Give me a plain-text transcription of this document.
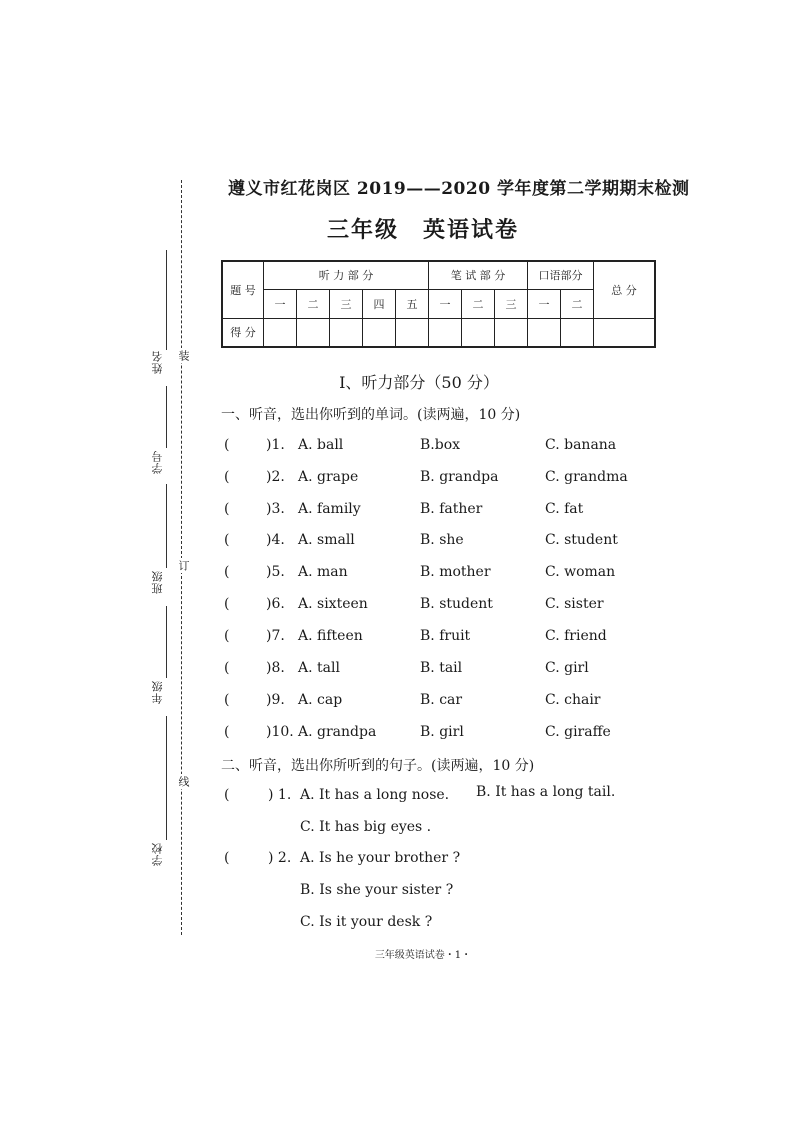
装
订
线
姓名
学号
班级
年级
学校
遵义市红花岗区 2019——2020 学年度第二学期期末检测
三年级　英语试卷
题 号	听 力 部 分					笔 试 部 分			口语部分		总 分
	一	二	三	四	五	一	二	三	一	二	
得 分											
Ⅰ、听力部分（50 分）
一、听音，选出你听到的单词。(读两遍，10 分)
(	)1. A. ball	B.box	C. banana
(	)2. A. grape	B. grandpa	C. grandma
(	)3. A. family	B. father	C. fat
(	)4. A. small	B. she	C. student
(	)5. A. man	B. mother	C. woman
(	)6. A. sixteen	B. student	C. sister
(	)7. A. fifteen	B. fruit	C. friend
(	)8. A. tall	B. tail	C. girl
(	)9. A. cap	B. car	C. chair
(	)10. A. grandpa	B. girl	C. giraffe
二、听音，选出你所听到的句子。(读两遍，10 分)
(	) 1. A. It has a long nose. B. It has a long tail.
C. It has big eyes .
(	) 2. A. Is he your brother ?
B. Is she your sister ?
C. Is it your desk ?
三年级英语试卷・1・
